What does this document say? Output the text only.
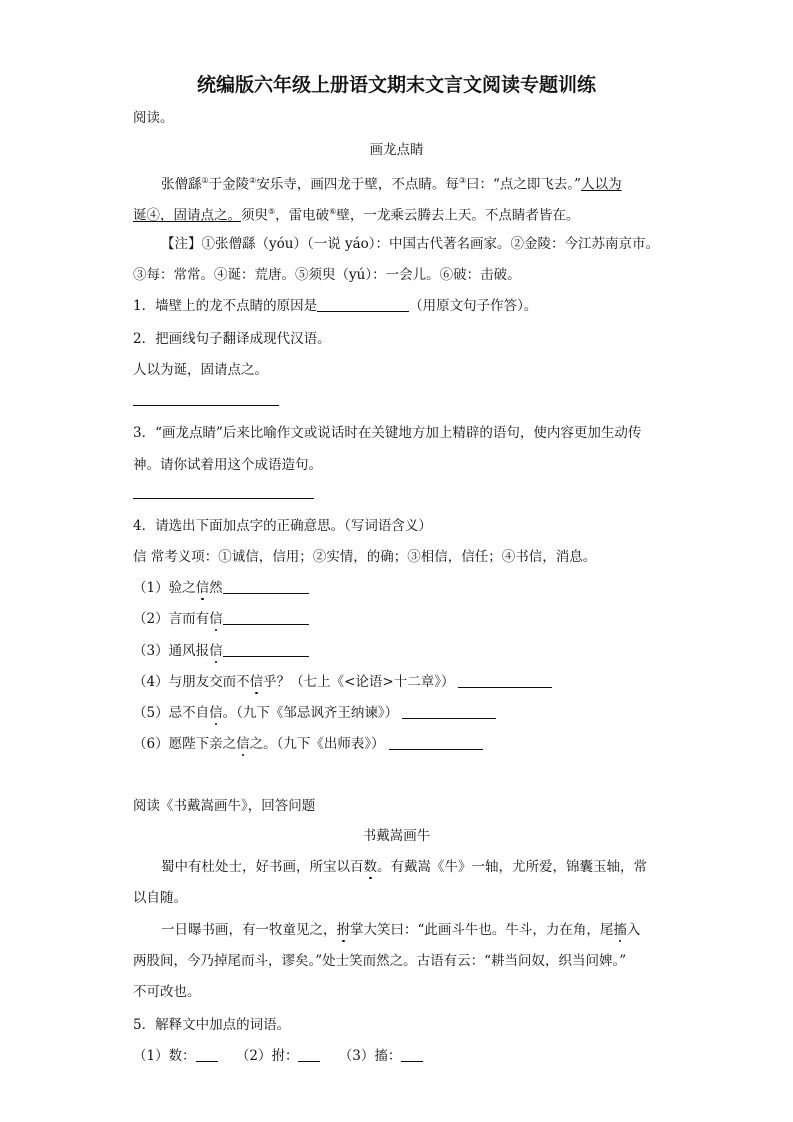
统编版六年级上册语文期末文言文阅读专题训练
阅读。
画龙点睛
张僧繇①于金陵②安乐寺，画四龙于壁，不点睛。每③曰：“点之即飞去。”人以为
诞④，固请点之。须臾⑤，雷电破⑥壁，一龙乘云腾去上天。不点睛者皆在。
【注】①张僧繇（yóu）（一说 yáo）：中国古代著名画家。②金陵：今江苏南京市。
③每：常常。④诞：荒唐。⑤须臾（yú）：一会儿。⑥破：击破。
1．墙壁上的龙不点睛的原因是	（用原文句子作答）。
2．把画线句子翻译成现代汉语。
人以为诞，固请点之。
3．“画龙点睛”后来比喻作文或说话时在关键地方加上精辟的语句，使内容更加生动传
神。请你试着用这个成语造句。
4．请选出下面加点字的正确意思。（写词语含义）
信 常考义项：①诚信，信用；②实情，的确；③相信，信任；④书信，消息。
（1）验之信然
（2）言而有信
（3）通风报信
（4）与朋友交而不信乎？（七上《<论语>十二章》）
（5）忌不自信。（九下《邹忌讽齐王纳谏》）
（6）愿陛下亲之信之。（九下《出师表》）
阅读《书戴嵩画牛》，回答问题
书戴嵩画牛
蜀中有杜处士，好书画，所宝以百数。有戴嵩《牛》一轴，尤所爱，锦囊玉轴，常
以自随。
一日曝书画，有一牧童见之，拊掌大笑曰：“此画斗牛也。牛斗，力在角，尾搐入
两股间，今乃掉尾而斗，谬矣。”处士笑而然之。古语有云：“耕当问奴，织当问婢。”
不可改也。
5．解释文中加点的词语。
（1）数：	（2）拊：	（3）搐：
